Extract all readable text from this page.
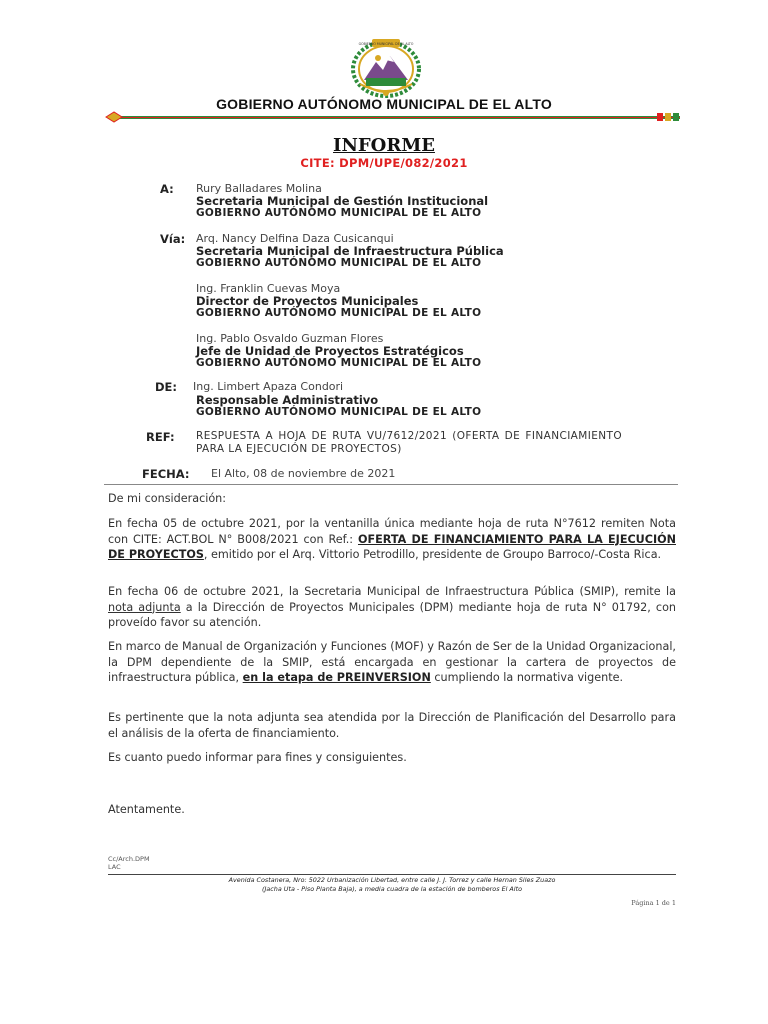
GOBIERNO MUNICIPAL DE EL ALTO
GOBIERNO AUTÓNOMO MUNICIPAL DE EL ALTO
INFORME
CITE: DPM/UPE/082/2021
A: Rury Balladares Molina
Secretaria Municipal de Gestión Institucional
GOBIERNO AUTÓNOMO MUNICIPAL DE EL ALTO
Vía: Arq. Nancy Delfina Daza Cusicanqui
Secretaria Municipal de Infraestructura Pública
GOBIERNO AUTÓNOMO MUNICIPAL DE EL ALTO
Ing. Franklin Cuevas Moya
Director de Proyectos Municipales
GOBIERNO AUTÓNOMO MUNICIPAL DE EL ALTO
Ing. Pablo Osvaldo Guzman Flores
Jefe de Unidad de Proyectos Estratégicos
GOBIERNO AUTÓNOMO MUNICIPAL DE EL ALTO
DE: Ing. Limbert Apaza Condori
Responsable Administrativo
GOBIERNO AUTÓNOMO MUNICIPAL DE EL ALTO
REF: RESPUESTA A HOJA DE RUTA VU/7612/2021 (OFERTA DE FINANCIAMIENTO PARA LA EJECUCIÓN DE PROYECTOS)
FECHA: El Alto, 08 de noviembre de 2021
De mi consideración:
En fecha 05 de octubre 2021, por la ventanilla única mediante hoja de ruta N°7612 remiten Nota con CITE: ACT.BOL N° B008/2021 con Ref.: OFERTA DE FINANCIAMIENTO PARA LA EJECUCIÓN DE PROYECTOS, emitido por el Arq. Vittorio Petrodillo, presidente de Groupo Barroco/-Costa Rica.
En fecha 06 de octubre 2021, la Secretaria Municipal de Infraestructura Pública (SMIP), remite la nota adjunta a la Dirección de Proyectos Municipales (DPM) mediante hoja de ruta N° 01792, con proveído favor su atención.
En marco de Manual de Organización y Funciones (MOF) y Razón de Ser de la Unidad Organizacional, la DPM dependiente de la SMIP, está encargada en gestionar la cartera de proyectos de infraestructura pública, en la etapa de PREINVERSION cumpliendo la normativa vigente.
Es pertinente que la nota adjunta sea atendida por la Dirección de Planificación del Desarrollo para el análisis de la oferta de financiamiento.
Es cuanto puedo informar para fines y consiguientes.
Atentamente.
Cc/Arch.DPM
LAC
Avenida Costanera, Nro: 5022 Urbanización Libertad, entre calle J. J. Torrez y calle Hernan Siles Zuazo
(Jacha Uta - Piso Planta Baja), a media cuadra de la estación de bomberos El Alto
Página 1 de 1
